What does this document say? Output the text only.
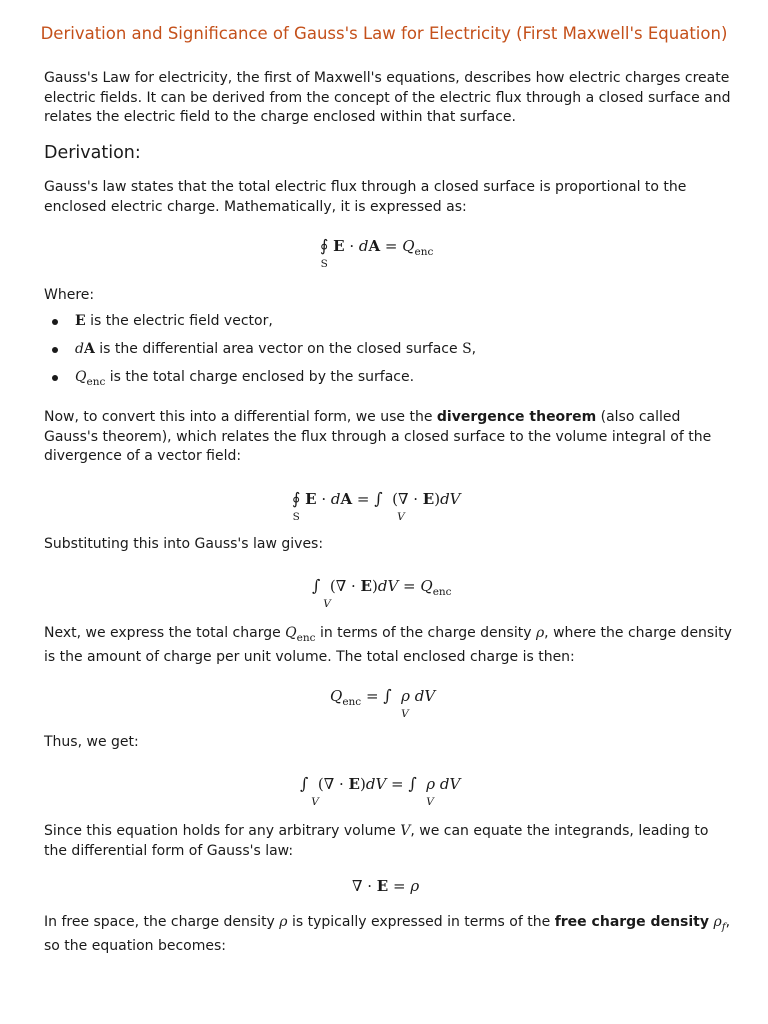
Derivation and Significance of Gauss's Law for Electricity (First Maxwell's Equation)

Gauss's Law for electricity, the first of Maxwell's equations, describes how electric charges create electric fields. It can be derived from the concept of the electric flux through a closed surface and relates the electric field to the charge enclosed within that surface.

Derivation:

Gauss's law states that the total electric flux through a closed surface is proportional to the enclosed electric charge. Mathematically, it is expressed as:

∮
S
E · dA = $Q_{enc}$

Where:

E is the electric field vector,
dA is the differential area vector on the closed surface S,
$Q_{enc}$ is the total charge enclosed by the surface.

Now, to convert this into a differential form, we use the divergence theorem (also called Gauss's theorem), which relates the flux through a closed surface to the volume integral of the divergence of a vector field:

∮
S
E · dA = ∫
V
(∇ · E)dV

Substituting this into Gauss's law gives:

∫
V
(∇ · $E)dV = Q_{enc}$

Next, we express the total charge $Q_{enc}$ in terms of the charge density ρ, where the charge density is the amount of charge per unit volume. The total enclosed charge is then:

$Q_{enc}$ = ∫
V
ρ dV

Thus, we get:

∫
V
(∇ · E)dV = ∫
V
ρ dV

Since this equation holds for any arbitrary volume V, we can equate the integrands, leading to the differential form of Gauss's law:

∇ · E = ρ

In free space, the charge density ρ is typically expressed in terms of the free charge density $\rho_f$, so the equation becomes:
